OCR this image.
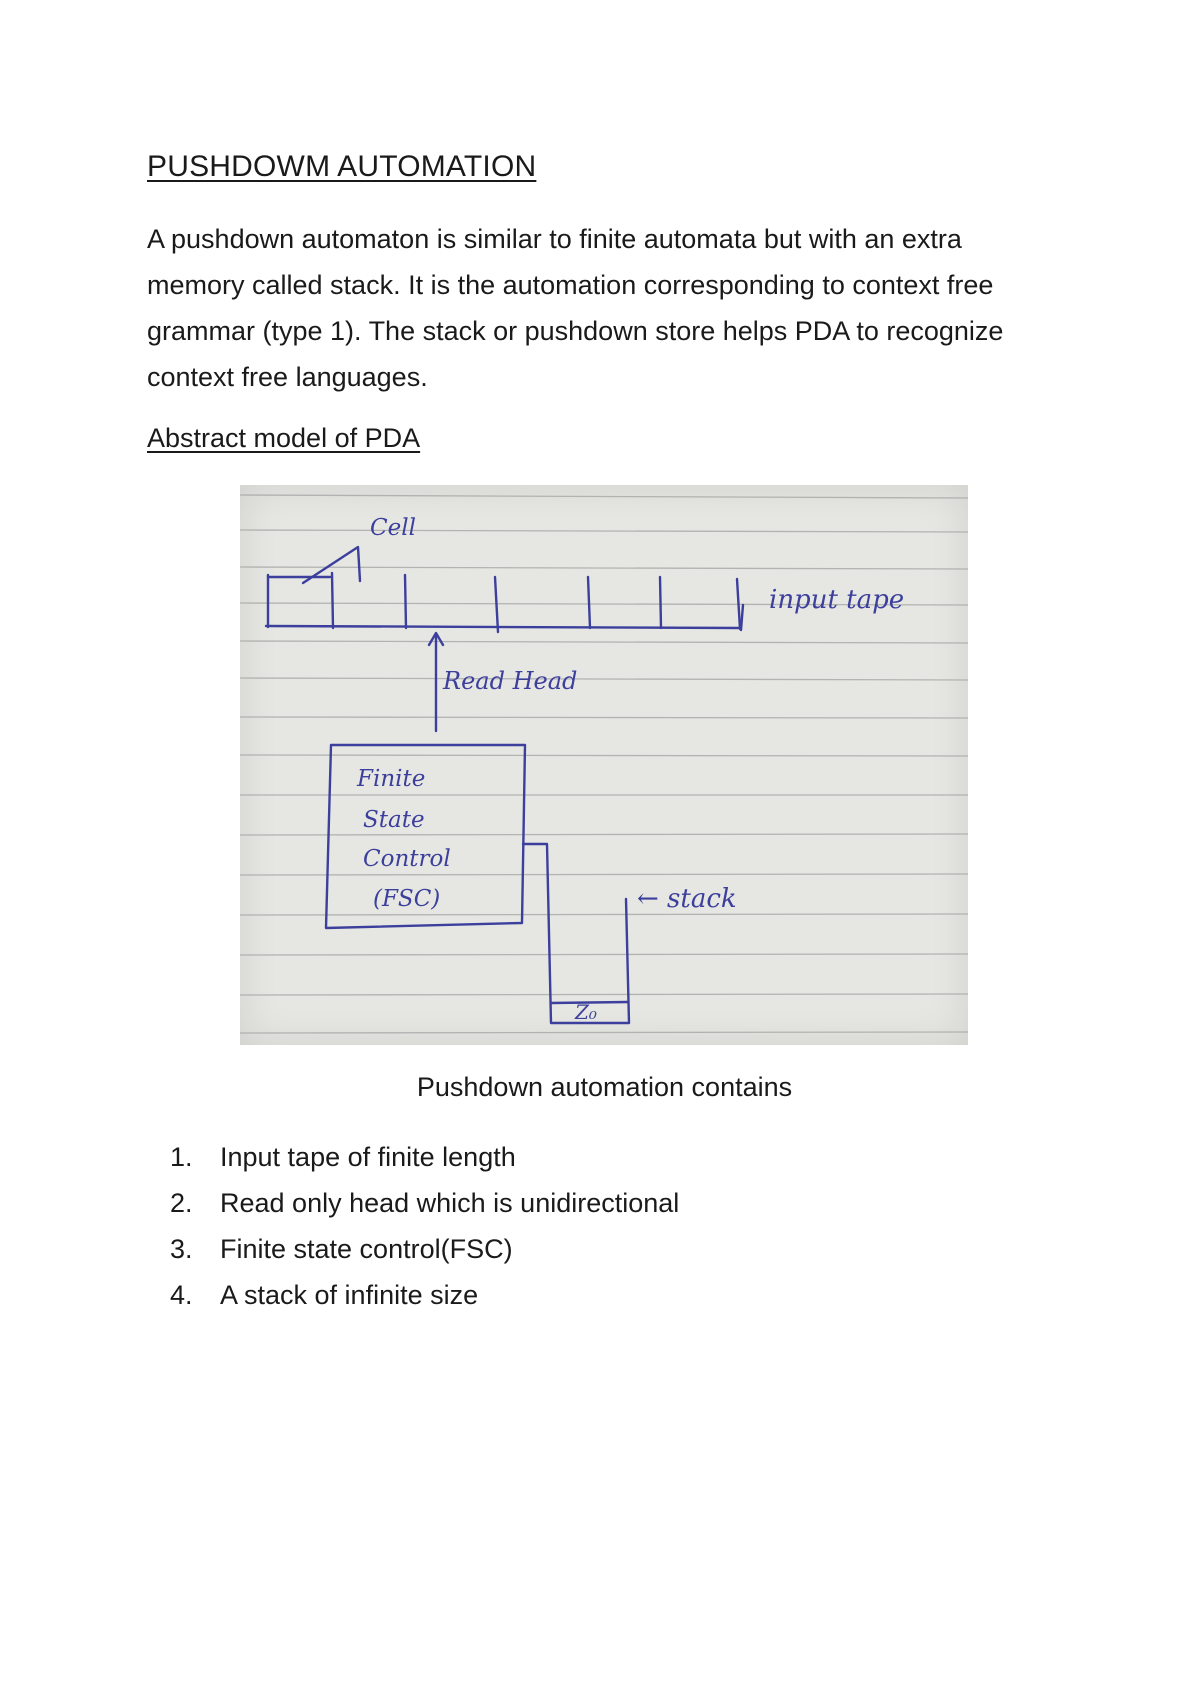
PUSHDOWM AUTOMATION

A pushdown automaton is similar to finite automata but with an extra memory called stack. It is the automation corresponding to context free grammar (type 1). The stack or pushdown store helps PDA to recognize context free languages.

Abstract model of PDA
Cell
input tape
Read Head
Finite
State
Control
(FSC)	← stack
Z₀

Pushdown automation contains

1.	Input tape of finite length
2.	Read only head which is unidirectional
3.	Finite state control(FSC)
4.	A stack of infinite size
